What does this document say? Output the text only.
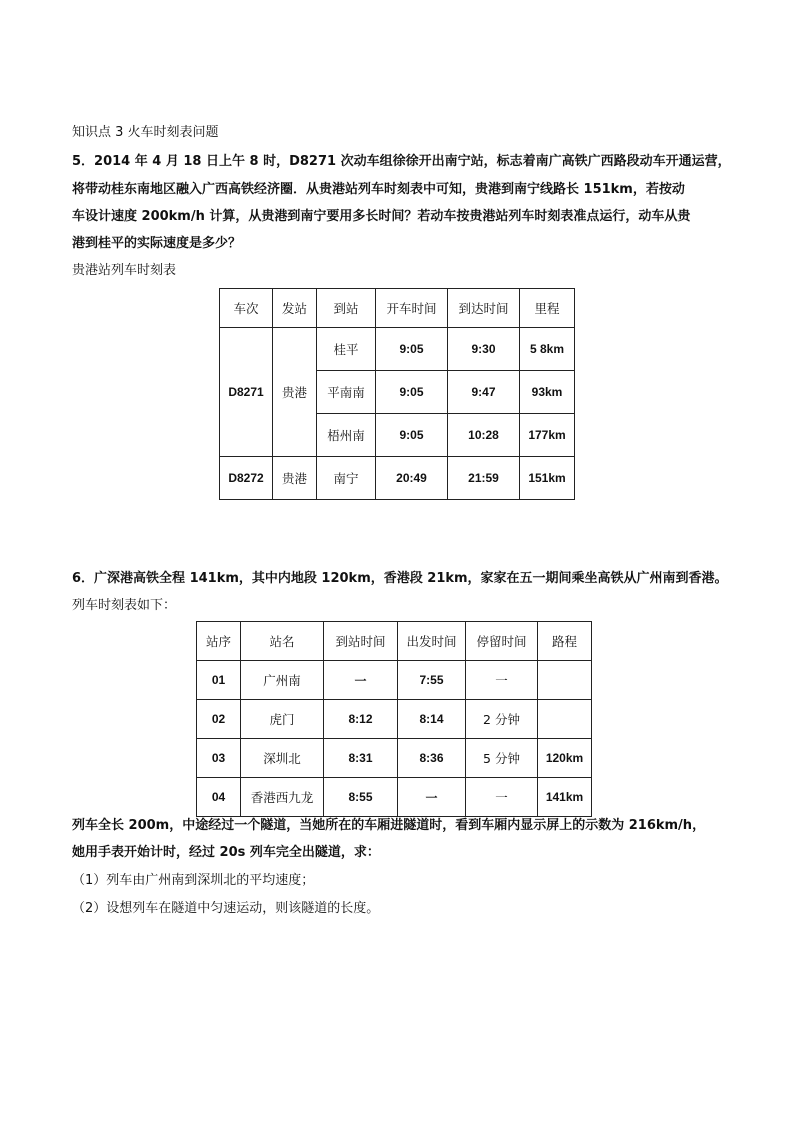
知识点 3 火车时刻表问题
5．2014 年 4 月 18 日上午 8 时，D8271 次动车组徐徐开出南宁站，标志着南广高铁广西路段动车开通运营，
将带动桂东南地区融入广西高铁经济圈．从贵港站列车时刻表中可知，贵港到南宁线路长 151km，若按动
车设计速度 200km/h 计算，从贵港到南宁要用多长时间？若动车按贵港站列车时刻表准点运行，动车从贵
港到桂平的实际速度是多少？
贵港站列车时刻表
车次	发站	到站	开车时间	到达时间	里程
D8271	贵港	桂平	9:05	9:30	5 8km
		平南南	9:05	9:47	93km
		梧州南	9:05	10:28	177km
D8272	贵港	南宁	20:49	21:59	151km
6．广深港高铁全程 141km，其中内地段 120km，香港段 21km，家家在五一期间乘坐高铁从广州南到香港。
列车时刻表如下：
站序	站名	到站时间	出发时间	停留时间	路程
01	广州南	一	7:55	一	
02	虎门	8:12	8:14	2 分钟	
03	深圳北	8:31	8:36	5 分钟	120km
04	香港西九龙	8:55	一	一	141km
列车全长 200m，中途经过一个隧道，当她所在的车厢进隧道时，看到车厢内显示屏上的示数为 216km/h，
她用手表开始计时，经过 20s 列车完全出隧道，求：
（1）列车由广州南到深圳北的平均速度；
（2）设想列车在隧道中匀速运动，则该隧道的长度。
